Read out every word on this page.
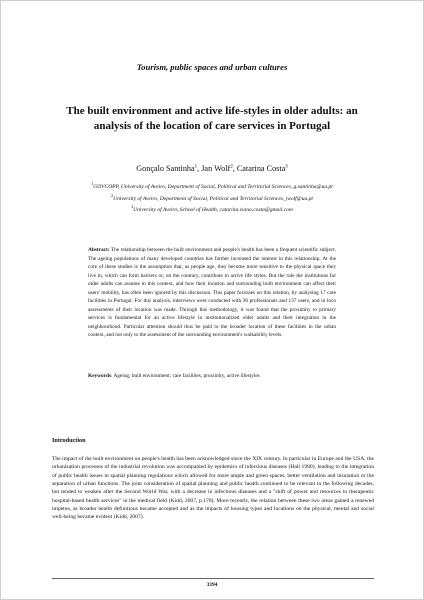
Tourism, public spaces and urban cultures
The built environment and active life-styles in older adults: an analysis of the location of care services in Portugal
Gonçalo Santinha$^1$, Jan Wolf$^2$, Catarina Costa$^3$
$^1$GOVCOPP, University of Aveiro, Department of Social, Political and Territorial Sciences, g.santinha@ua.pt
$^2$University of Aveiro, Department of Social, Political and Territorial Sciences, jwolf@ua.pt
$^3$University of Aveiro, School of Health, catarina.viana.costa@gmail.com
Abstract: The relationship between the built environment and people's health has been a frequent scientific subject. The ageing populations of many developed countries has further increased the interest in this relationship. At the core of these studies is the assumption that, as people age, they become more sensitive to the physical space they live in, which can form barriers or, on the contrary, contribute to active life styles. But the role the institutions for older adults can assume in this context, and how their location and surrounding built environment can affect their users' mobility, has often been ignored by this discussion. This paper focusses on this relation, by analysing 17 care facilities in Portugal. For this analysis, interviews were conducted with 36 professionals and 137 users, and in loco assessments of their location was made. Through this methodology, it was found that the proximity to primary services is fundamental for an active lifestyle in institutionalized older adults and their integration in the neighbourhood. Particular attention should thus be paid to the broader location of these facilities in the urban context, and not only to the assessment of the surrounding environment's walkability levels.
Keywords: Ageing; built environment; care facilities, proximity, active lifestyles
Introduction
The impact of the built environment on people's health has been acknowledged since the XIX century. In particular in Europe and the USA, the urbanization processes of the industrial revolution was accompanied by epidemics of infectious diseases (Hall 1980), leading to the integration of public health issues in spatial planning regulations which allowed for more ample and green spaces, better ventilation and insulation or the separation of urban functions. The joint consideration of spatial planning and public health continued to be relevant in the following decades, but tended to weaken after the Second World War, with a decrease in infectious diseases and a "shift of power and resources to therapeutic hospital-based health services" in the medical field (Kidd, 2007, p.170). More recently, the relation between these two areas gained a renewed impetus, as broader health definitions became accepted and as the impacts of housing types and locations on the physical, mental and social well-being became evident (Kidd, 2007).
3394
